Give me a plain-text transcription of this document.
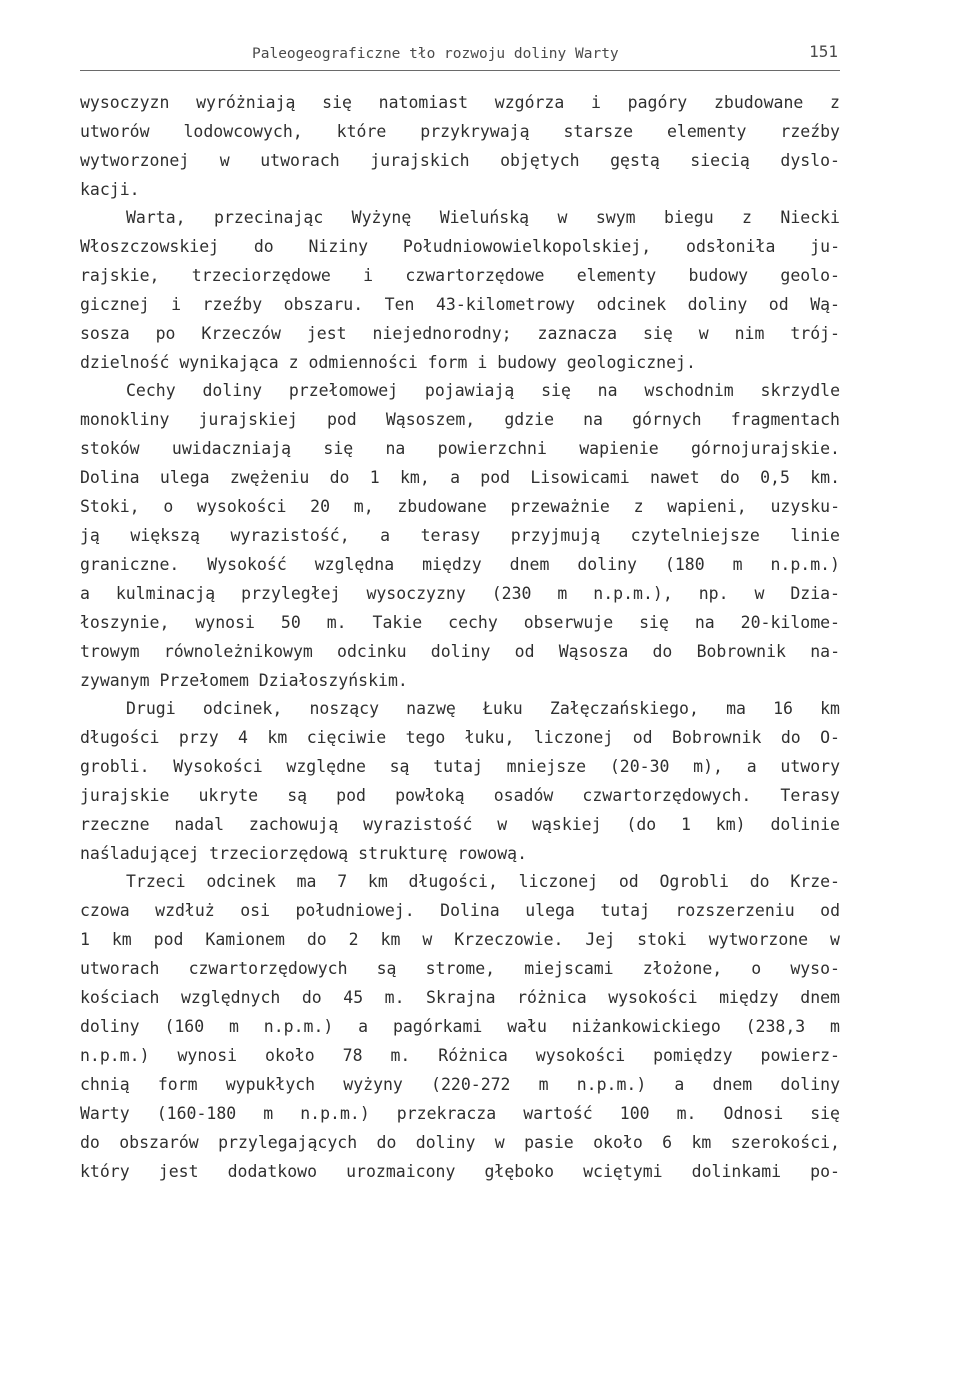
Paleogeograficzne tło rozwoju doliny Warty	151
wysoczyzn wyróżniają się natomiast wzgórza i pagóry zbudowane z
utworów lodowcowych, które przykrywają starsze elementy rzeźby
wytworzonej w utworach jurajskich objętych gęstą siecią dyslo-
kacji.
Warta, przecinając Wyżynę Wieluńską w swym biegu z Niecki
Włoszczowskiej do Niziny Południowowielkopolskiej, odsłoniła ju-
rajskie, trzeciorzędowe i czwartorzędowe elementy budowy geolo-
gicznej i rzeźby obszaru. Ten 43-kilometrowy odcinek doliny od Wą-
sosza po Krzeczów jest niejednorodny; zaznacza się w nim trój-
dzielność wynikająca z odmienności form i budowy geologicznej.
Cechy doliny przełomowej pojawiają się na wschodnim skrzydle
monokliny jurajskiej pod Wąsoszem, gdzie na górnych fragmentach
stoków uwidaczniają się na powierzchni wapienie górnojurajskie.
Dolina ulega zwężeniu do 1 km, a pod Lisowicami nawet do 0,5 km.
Stoki, o wysokości 20 m, zbudowane przeważnie z wapieni, uzysku-
ją większą wyrazistość, a terasy przyjmują czytelniejsze linie
graniczne. Wysokość względna między dnem doliny (180 m n.p.m.)
a kulminacją przyległej wysoczyzny (230 m n.p.m.), np. w Dzia-
łoszynie, wynosi 50 m. Takie cechy obserwuje się na 20-kilome-
trowym równoleżnikowym odcinku doliny od Wąsosza do Bobrownik na-
zywanym Przełomem Działoszyńskim.
Drugi odcinek, noszący nazwę Łuku Załęczańskiego, ma 16 km
długości przy 4 km cięciwie tego łuku, liczonej od Bobrownik do O-
grobli. Wysokości względne są tutaj mniejsze (20-30 m), a utwory
jurajskie ukryte są pod powłoką osadów czwartorzędowych. Terasy
rzeczne nadal zachowują wyrazistość w wąskiej (do 1 km) dolinie
naśladującej trzeciorzędową strukturę rowową.
Trzeci odcinek ma 7 km długości, liczonej od Ogrobli do Krze-
czowa wzdłuż osi południowej. Dolina ulega tutaj rozszerzeniu od
1 km pod Kamionem do 2 km w Krzeczowie. Jej stoki wytworzone w
utworach czwartorzędowych są strome, miejscami złożone, o wyso-
kościach względnych do 45 m. Skrajna różnica wysokości między dnem
doliny (160 m n.p.m.) a pagórkami wału niżankowickiego (238,3 m
n.p.m.) wynosi około 78 m. Różnica wysokości pomiędzy powierz-
chnią form wypukłych wyżyny (220-272 m n.p.m.) a dnem doliny
Warty (160-180 m n.p.m.) przekracza wartość 100 m. Odnosi się
do obszarów przylegających do doliny w pasie około 6 km szerokości,
który jest dodatkowo urozmaicony głęboko wciętymi dolinkami po-
